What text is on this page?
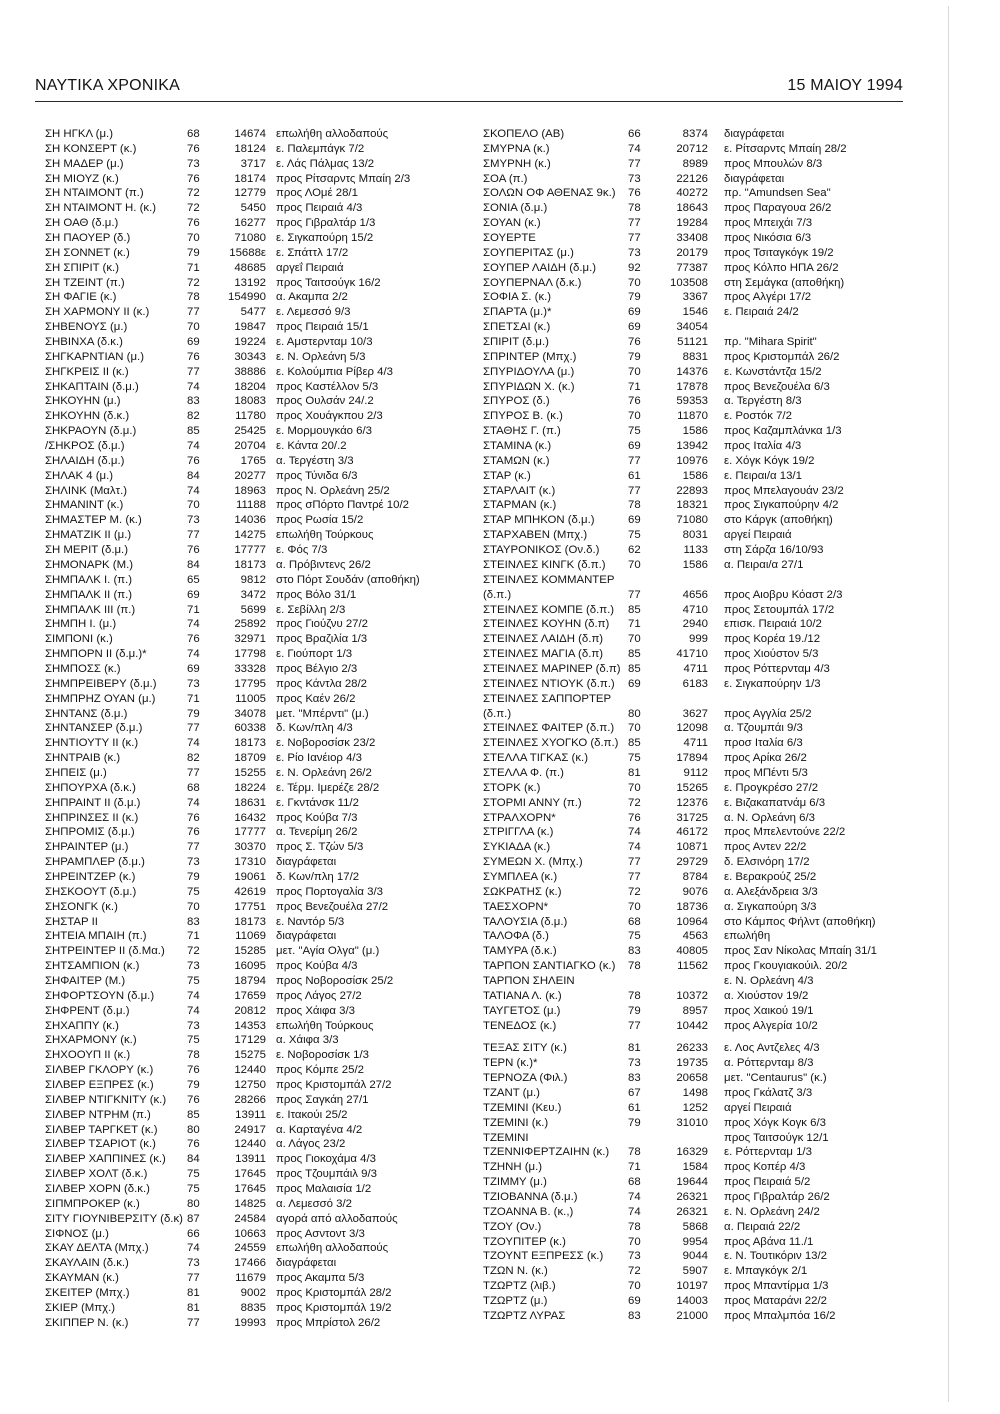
ΝΑΥΤΙΚΑ ΧΡΟΝΙΚΑ	15 ΜΑΙΟΥ 1994
ΣΗ ΗΓΚΛ (μ.)	68	14674 επωλήθη αλλοδαπούς
ΣΗ ΚΟΝΣΕΡΤ (κ.)	76	18124 ε. Παλεμπάγκ 7/2
ΣΗ ΜΑΔΕΡ (μ.)	73	3717 ε. Λάς Πάλμας 13/2
ΣΗ ΜΙΟΥΖ (κ.)	76	18174 προς Ρίτσαρντς Μπαίη 2/3
ΣΗ ΝΤΑΙΜΟΝΤ (π.)	72	12779 προς ΛΟμέ 28/1
ΣΗ ΝΤΑΙΜΟΝΤ Η. (κ.)	72	5450 προς Πειραιά 4/3
ΣΗ ΟΑΘ (δ.μ.)	76	16277 προς Γιβραλτάρ 1/3
ΣΗ ΠΑΟΥΕΡ (δ.)	70	71080 ε. Σιγκαπούρη 15/2
ΣΗ ΣΟΝΝΕΤ (κ.)	79	15688ε ε. Σπάττλ 17/2
ΣΗ ΣΠΙΡΙΤ (κ.)	71	48685 αργεΐ Πειραιά
ΣΗ ΤΖΕΙΝΤ (π.)	72	13192 προς Ταιτσούγκ 16/2
ΣΗ ΦΑΓΙΕ (κ.)	78	154990 α. Ακαμπα 2/2
ΣΗ ΧΑΡΜΟΝΥ ΙΙ (κ.)	77	5477 ε. Λεμεσσό 9/3
ΣΗΒΕΝΟΥΣ (μ.)	70	19847 προς Πειραιά 15/1
ΣΗΒΙΝΧΑ (δ.κ.)	69	19224 ε. Αμστερνταμ 10/3
ΣΗΓΚΑΡΝΤΙΑΝ (μ.)	76	30343 ε. Ν. Ορλεάνη 5/3
ΣΗΓΚΡΕΙΣ ΙΙ (κ.)	77	38886 ε. Κολούμπια Ρίβερ 4/3
ΣΗΚΑΠΤΑΙΝ (δ.μ.)	74	18204 προς Καστέλλον 5/3
ΣΗΚΟΥΗΝ (μ.)	83	18083 προς Ουλσάν 24/.2
ΣΗΚΟΥΗΝ (δ.κ.)	82	11780 προς Χουάγκπου 2/3
ΣΗΚΡΑΟΥΝ (δ.μ.)	85	25425 ε. Μορμουγκάο 6/3
/ΣΗΚΡΟΣ (δ.μ.)	74	20704 ε. Κάντα 20/.2
ΣΗΛΑΙΔΗ (δ.μ.)	76	1765 α. Τεργέστη 3/3
ΣΗΛΑΚ 4 (μ.)	84	20277 προς Τύνιδα 6/3
ΣΗΛΙΝΚ (Μαλτ.)	74	18963 προς Ν. Ορλεάνη 25/2
ΣΗΜΑΝΙΝΤ (κ.)	70	11188 προς σΠόρτο Παντρέ 10/2
ΣΗΜΑΣΤΕΡ Μ. (κ.)	73	14036 προς Ρωσία 15/2
ΣΗΜΑΤΖΙΚ ΙΙ (μ.)	77	14275 επωλήθη Τούρκους
ΣΗ ΜΕΡΙΤ (δ.μ.)	76	17777 ε. Φός 7/3
ΣΗΜΟΝΑΡΚ (Μ.)	84	18173 α. Πρόβιντενς 26/2
ΣΗΜΠΑΛΚ Ι. (π.)	65	9812 στο Πόρτ Σουδάν (αποθήκη)
ΣΗΜΠΑΛΚ ΙΙ (π.)	69	3472 προς Βόλο 31/1
ΣΗΜΠΑΛΚ ΙΙΙ (π.)	71	5699 ε. Σεβίλλη 2/3
ΣΗΜΠΗ Ι. (μ.)	74	25892 προς Γιούζνυ 27/2
ΣΙΜΠΟΝΙ (κ.)	76	32971 προς Βραζιλία 1/3
ΣΗΜΠΟΡΝ ΙΙ (δ.μ.)*	74	17798 ε. Γιούπορτ 1/3
ΣΗΜΠΟΣΣ (κ.)	69	33328 προς Βέλγιο 2/3
ΣΗΜΠΡΕΙΒΕΡΥ (δ.μ.)	73	17795 προς Κάντλα 28/2
ΣΗΜΠΡΗΖ ΟΥΑΝ (μ.)	71	11005 προς Καέν 26/2
ΣΗΝΤΑΝΣ (δ.μ.)	79	34078 μετ. "Μπέρντι" (μ.)
ΣΗΝΤΑΝΣΕΡ (δ.μ.)	77	60338 δ. Κων/πλη 4/3
ΣΗΝΤΙΟΥΤΥ ΙΙ (κ.)	74	18173 ε. Νοβοροσίσκ 23/2
ΣΗΝΤΡΑΙΒ (κ.)	82	18709 ε. Ρίο Ιανέιορ 4/3
ΣΗΠΕΙΣ (μ.)	77	15255 ε. Ν. Ορλεάνη 26/2
ΣΗΠΟΥΡΧΑ (δ.κ.)	68	18224 ε. Τέρμ. Ιμερέζε 28/2
ΣΗΠΡΑΙΝΤ ΙΙ (δ.μ.)	74	18631 ε. Γκντάνσκ 11/2
ΣΗΠΡΙΝΣΕΣ ΙΙ (κ.)	76	16432 προς Κούβα 7/3
ΣΗΠΡΟΜΙΣ (δ.μ.)	76	17777 α. Τενερίμη 26/2
ΣΗΡΑΙΝΤΕΡ (μ.)	77	30370 προς Σ. Τζών 5/3
ΣΗΡΑΜΠΛΕΡ (δ.μ.)	73	17310 διαγράφεται
ΣΗΡΕΙΝΤΖΕΡ (κ.)	79	19061 δ. Κων/πλη 17/2
ΣΗΣΚΟΟΥΤ (δ.μ.)	75	42619 προς Πορτογαλία 3/3
ΣΗΣΟΝΓΚ (κ.)	70	17751 προς Βενεζουέλα 27/2
ΣΗΣΤΑΡ ΙΙ	83	18173 ε. Ναντόρ 5/3
ΣΗΤΕΙΑ ΜΠΑΙΗ (π.)	71	11069 διαγράφεται
ΣΗΤΡΕΙΝΤΕΡ ΙΙ (δ.Μα.) 72	15285 μετ. "Αγία Ολγα" (μ.)
ΣΗΤΣΑΜΠΙΟΝ (κ.)	73	16095 προς Κούβα 4/3
ΣΗΦΑΙΤΕΡ (Μ.)	75	18794 προς Νοβοροσίσκ 25/2
ΣΗΦΟΡΤΣΟΥΝ (δ.μ.)	74	17659 προς Λάγος 27/2
ΣΗΦΡΕΝΤ (δ.μ.)	74	20812 προς Χάιφα 3/3
ΣΗΧΑΠΠΥ (κ.)	73	14353 επωλήθη Τούρκους
ΣΗΧΑΡΜΟΝΥ (κ.)	75	17129 α. Χάιφα 3/3
ΣΗΧΟΟΥΠ ΙΙ (κ.)	78	15275 ε. Νοβοροσίσκ 1/3
ΣΙΛΒΕΡ ΓΚΛΟΡΥ (κ.)	76	12440 προς Κόμπε 25/2
ΣΙΛΒΕΡ ΕΞΠΡΕΣ (κ.)	79	12750 προς Κριστομπάλ 27/2
ΣΙΛΒΕΡ ΝΤΙΓΚΝΙΤΥ (κ.) 76	28266 προς Σαγκάη 27/1
ΣΙΛΒΕΡ ΝΤΡΗΜ (π.)	85	13911 ε. Ιτακούι 25/2
ΣΙΛΒΕΡ ΤΑΡΓΚΕΤ (κ.)	80	24917 α. Καρταγένα 4/2
ΣΙΛΒΕΡ ΤΣΑΡΙΟΤ (κ.)	76	12440 α. Λάγος 23/2
ΣΙΛΒΕΡ ΧΑΠΠΙΝΕΣ (κ.) 84	13911 προς Γιοκοχάμα 4/3
ΣΙΛΒΕΡ ΧΟΛΤ (δ.κ.)	75	17645 προς Τζουμπάιλ 9/3
ΣΙΛΒΕΡ ΧΟΡΝ (δ.κ.)	75	17645 προς Μαλαισία 1/2
ΣΙΠΜΠΡΟΚΕΡ (κ.)	80	14825 α. Λεμεσσό 3/2
ΣΙΤΥ ΓΙΟΥΝΙΒΕΡΣΙΤΥ (δ.κ) 87	24584 αγορά από αλλοδαπούς
ΣΙΦΝΟΣ (μ.)	66	10663 προς Ασντοντ 3/3
ΣΚΑΥ ΔΕΛΤΑ (Μπχ.)	74	24559 επωλήθη αλλοδαπούς
ΣΚΑΥΛΑΙΝ (δ.κ.)	73	17466 διαγράφεται
ΣΚΑΥΜΑΝ (κ.)	77	11679 προς Ακαμπα 5/3
ΣΚΕΙΤΕΡ (Μπχ.)	81	9002 προς Κριστομπάλ 28/2
ΣΚΙΕΡ (Μπχ.)	81	8835 προς Κριστομπάλ 19/2
ΣΚΙΠΠΕΡ Ν. (κ.)	77	19993 προς Μπρίστολ 26/2
ΣΚΟΠΕΛΟ (ΑΒ)	66	8374 διαγράφεται
ΣΜΥΡΝΑ (κ.)	74	20712 ε. Ρίτσαρντς Μπαίη 28/2
ΣΜΥΡΝΗ (κ.)	77	8989 προς Μπουλών 8/3
ΣΟΑ (π.)	73	22126 διαγράφεται
ΣΟΛΩΝ ΟΦ ΑΘΕΝΑΣ 9κ.) 76	40272 πρ. "Amundsen Sea"
ΣΟΝΙΑ (δ.μ.)	78	18643 προς Παραγουα 26/2
ΣΟΥΑΝ (κ.)	77	19284 προς Μπειχάι 7/3
ΣΟΥΕΡΤΕ	77	33408 προς Νικόσια 6/3
ΣΟΥΠΕΡΙΤΑΣ (μ.)	73	20179 προς Τσιταγκόγκ 19/2
ΣΟΥΠΕΡ ΛΑΙΔΗ (δ.μ.)	92	77387 προς Κόλπο ΗΠΑ 26/2
ΣΟΥΠΕΡΝΑΛ (δ.κ.)	70	103508 στη Σεμάγκα (αποθήκη)
ΣΟΦΙΑ Σ. (κ.)	79	3367 προς Αλγέρι 17/2
ΣΠΑΡΤΑ (μ.)*	69	1546 ε. Πειραιά 24/2
ΣΠΕΤΣΑΙ (κ.)	69	34054
ΣΠΙΡΙΤ (δ.μ.)	76	51121 πρ. "Mihara Spirit"
ΣΠΡΙΝΤΕΡ (Μπχ.)	79	8831 προς Κριστομπάλ 26/2
ΣΠΥΡΙΔΟΥΛΑ (μ.)	70	14376 ε. Κωνστάντζα 15/2
ΣΠΥΡΙΔΩΝ Χ. (κ.)	71	17878 προς Βενεζουέλα 6/3
ΣΠΥΡΟΣ (δ.)	76	59353 α. Τεργέστη 8/3
ΣΠΥΡΟΣ Β. (κ.)	70	11870 ε. Ροστόκ 7/2
ΣΤΑΘΗΣ Γ. (π.)	75	1586 προς Καζαμπλάνκα 1/3
ΣΤΑΜΙΝΑ (κ.)	69	13942 προς Ιταλία 4/3
ΣΤΑΜΩΝ (κ.)	77	10976 ε. Χόγκ Κόγκ 19/2
ΣΤΑΡ (κ.)	61	1586 ε. Πειραι/α 13/1
ΣΤΑΡΛΑΙΤ (κ.)	77	22893 προς Μπελαγουάν 23/2
ΣΤΑΡΜΑΝ (κ.)	78	18321 προς Σιγκαπούρην 4/2
ΣΤΑΡ ΜΠΗΚΟΝ (δ.μ.)	69	71080 στο Κάργκ (αποθήκη)
ΣΤΑΡΧΑΒΕΝ (Μπχ.)	75	8031 αργεί Πειραιά
ΣΤΑΥΡΟΝΙΚΟΣ (Ον.δ.)	62	1133 στη Σάρζα 16/10/93
ΣΤΕΙΝΛΕΣ ΚΙΝΓΚ (δ.π.) 70	1586 α. Πειραι/α 27/1
ΣΤΕΙΝΛΕΣ ΚΟΜΜΑΝΤΕΡ
(δ.π.)	77	4656 προς Αιοβρυ Κόαστ 2/3
ΣΤΕΙΝΛΕΣ ΚΟΜΠΕ (δ.π.) 85	4710 προς Σετουμπάλ 17/2
ΣΤΕΙΝΛΕΣ ΚΟΥΗΝ (δ.π) 71	2940 επισκ. Πειραιά 10/2
ΣΤΕΙΝΛΕΣ ΛΑΙΔΗ (δ.π) 70	999 προς Κορέα 19./12
ΣΤΕΙΝΛΕΣ ΜΑΓΙΑ (δ.π) 85	41710 προς Χιούστον 5/3
ΣΤΕΙΝΛΕΣ ΜΑΡΙΝΕΡ (δ.π) 85	4711 προς Ρόττερνταμ 4/3
ΣΤΕΙΝΛΕΣ ΝΤΙΟΥΚ (δ.π.) 69	6183 ε. Σιγκαπούρην 1/3
ΣΤΕΙΝΛΕΣ ΣΑΠΠΟΡΤΕΡ
(δ.π.)	80	3627 προς Αγγλία 25/2
ΣΤΕΙΝΛΕΣ ΦΑΙΤΕΡ (δ.π.) 70	12098 α. Τζουμπάι 9/3
ΣΤΕΙΝΛΕΣ ΧΥΟΓΚΟ (δ.π.) 85	4711 προσ Ιταλία 6/3
ΣΤΕΛΛΑ ΤΙΓΚΑΣ (κ.)	75	17894 προς Αρίκα 26/2
ΣΤΕΛΛΑ Φ. (π.)	81	9112 προς ΜΠέντι 5/3
ΣΤΟΡΚ (κ.)	70	15265 ε. Προγκρέσο 27/2
ΣΤΟΡΜΙ ΑΝΝΥ (π.)	72	12376 ε. Βιζακαπατνάμ 6/3
ΣΤΡΑΛΧΟΡΝ*	76	31725 α. Ν. Ορλεάνη 6/3
ΣΤΡΙΓΓΛΑ (κ.)	74	46172 προς Μπελεντούνε 22/2
ΣΥΚΙΑΔΑ (κ.)	74	10871 προς Αντεν 22/2
ΣΥΜΕΩΝ Χ. (Μπχ.)	77	29729 δ. Ελσινόρη 17/2
ΣΥΜΠΛΕΑ (κ.)	77	8784 ε. Βερακρούζ 25/2
ΣΩΚΡΑΤΗΣ (κ.)	72	9076 α. Αλεξάνδρεια 3/3
ΤΑΕΣΧΟΡΝ*	70	18736 α. Σιγκαπούρη 3/3
ΤΑΛΟΥΣΙΑ (δ.μ.)	68	10964 στο Κάμπος Φήλντ (αποθήκη)
ΤΑΛΟΦΑ (δ.)	75	4563 επωλήθη
ΤΑΜΥΡΑ (δ.κ.)	83	40805 προς Σαν Νίκολας Μπαίη 31/1
ΤΑΡΠΟΝ ΣΑΝΤΙΑΓΚΟ (κ.) 78	11562 προς Γκουγιακούιλ. 20/2
ΤΑΡΠΟΝ ΣΗΛΕΙΝ	ε. Ν. Ορλεάνη 4/3
ΤΑΤΙΑΝΑ Λ. (κ.)	78	10372 α. Χιούστον 19/2
ΤΑΥΓΕΤΟΣ (μ.)	79	8957 προς Χαικού 19/1
ΤΕΝΕΔΟΣ (κ.)	77	10442 προς Αλγερία 10/2
ΤΕΞΑΣ ΣΙΤΥ (κ.)	81	26233 ε. Λος Αντζελες 4/3
ΤΕΡΝ (κ.)*	73	19735 α. Ρόττερνταμ 8/3
ΤΕΡΝΟΖΑ (Φιλ.)	83	20658 μετ. "Centaurus" (κ.)
ΤΖΑΝΤ (μ.)	67	1498 προς Γκάλατζ 3/3
ΤΖΕΜΙΝΙ (Κευ.)	61	1252 αργεί Πειραιά
ΤΖΕΜΙΝΙ (κ.)	79	31010 προς Χόγκ Κογκ 6/3
ΤΖΕΜΙΝΙ	προς Ταιτσούγκ 12/1
ΤΖΕΝΝΙΦΕΡΤΖΑΙΗΝ (κ.) 78	16329 ε. Ρόττερνταμ 1/3
ΤΖΗΝΗ (μ.)	71	1584 προς Κοπέρ 4/3
ΤΖΙΜΜΥ (μ.)	68	19644 προς Πειραιά 5/2
ΤΖΙΟΒΑΝΝΑ (δ.μ.)	74	26321 προς Γιβραλτάρ 26/2
ΤΖΟΑΝΝΑ Β. (κ.,)	74	26321 ε. Ν. Ορλεάνη 24/2
ΤΖΟΥ (Ον.)	78	5868 α. Πειραιά 22/2
ΤΖΟΥΠΙΤΕΡ (κ.)	70	9954 προς Αβάνα 11./1
ΤΖΟΥΝΤ ΕΞΠΡΕΣΣ (κ.) 73	9044 ε. Ν. Τουτικόριν 13/2
ΤΖΩΝ Ν. (κ.)	72	5907 ε. Μπαγκόγκ 2/1
ΤΖΩΡΤΖ (λιβ.)	70	10197 προς Μπαντίρμα 1/3
ΤΖΩΡΤΖ (μ.)	69	14003 προς Ματαράνι 22/2
ΤΖΩΡΤΖ ΛΥΡΑΣ	83	21000 προς Μπαλμπόα 16/2
